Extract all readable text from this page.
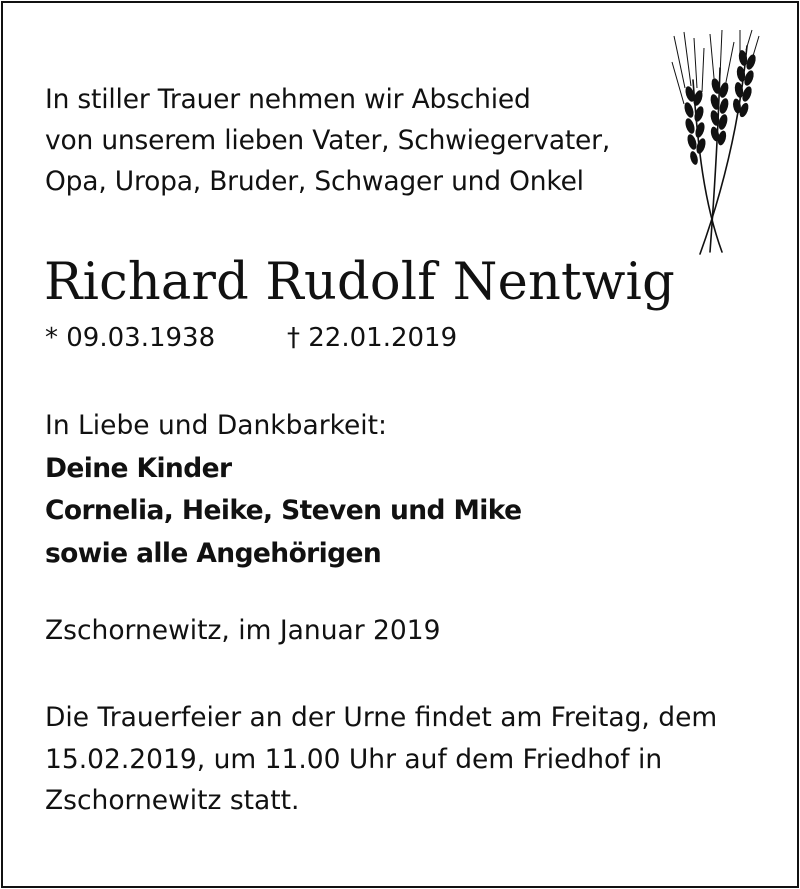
In stiller Trauer nehmen wir Abschied
von unserem lieben Vater, Schwiegervater,
Opa, Uropa, Bruder, Schwager und Onkel
Richard Rudolf Nentwig
* 09.03.1938	† 22.01.2019
In Liebe und Dankbarkeit:
Deine Kinder
Cornelia, Heike, Steven und Mike
sowie alle Angehörigen
Zschornewitz, im Januar 2019
Die Trauerfeier an der Urne findet am Freitag, dem
15.02.2019, um 11.00 Uhr auf dem Friedhof in
Zschornewitz statt.
